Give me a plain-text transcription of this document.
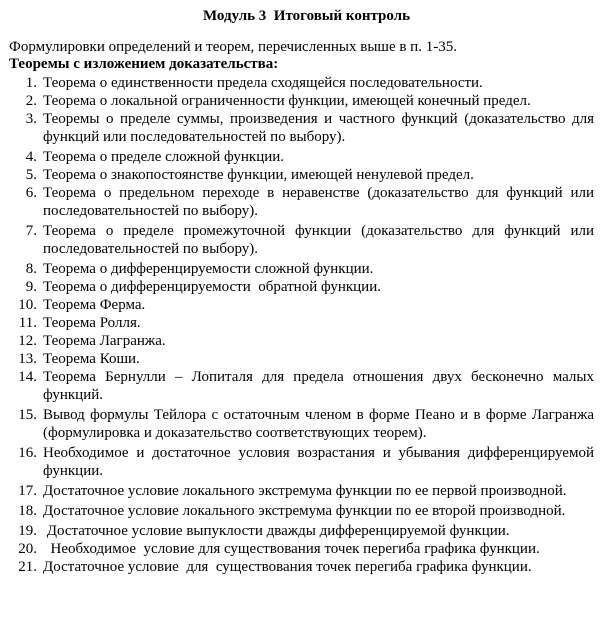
Модуль 3  Итоговый контроль
Формулировки определений и теорем, перечисленных выше в п. 1-35.
Теоремы с изложением доказательства:
1. Теорема о единственности предела сходящейся последовательности.
2. Теорема о локальной ограниченности функции, имеющей конечный предел.
3. Теоремы о пределе суммы, произведения и частного функций (доказательство для функций или последовательностей по выбору).
4. Теорема о пределе сложной функции.
5. Теорема о знакопостоянстве функции, имеющей ненулевой предел.
6. Теорема о предельном переходе в неравенстве (доказательство для функций или последовательностей по выбору).
7. Теорема о пределе промежуточной функции (доказательство для функций или последовательностей по выбору).
8. Теорема о дифференцируемости сложной функции.
9. Теорема о дифференцируемости  обратной функции.
10. Теорема Ферма.
11. Теорема Ролля.
12. Теорема Лагранжа.
13. Теорема Коши.
14. Теорема Бернулли – Лопиталя для предела отношения двух бесконечно малых функций.
15. Вывод формулы Тейлора с остаточным членом в форме Пеано и в форме Лагранжа (формулировка и доказательство соответствующих теорем).
16. Необходимое и достаточное условия возрастания и убывания дифференцируемой функции.
17. Достаточное условие локального экстремума функции по ее первой производной.
18. Достаточное условие локального экстремума функции по ее второй производной.
19. Достаточное условие выпуклости дважды дифференцируемой функции.
20. Необходимое  условие для существования точек перегиба графика функции.
21. Достаточное условие  для  существования точек перегиба графика функции.
